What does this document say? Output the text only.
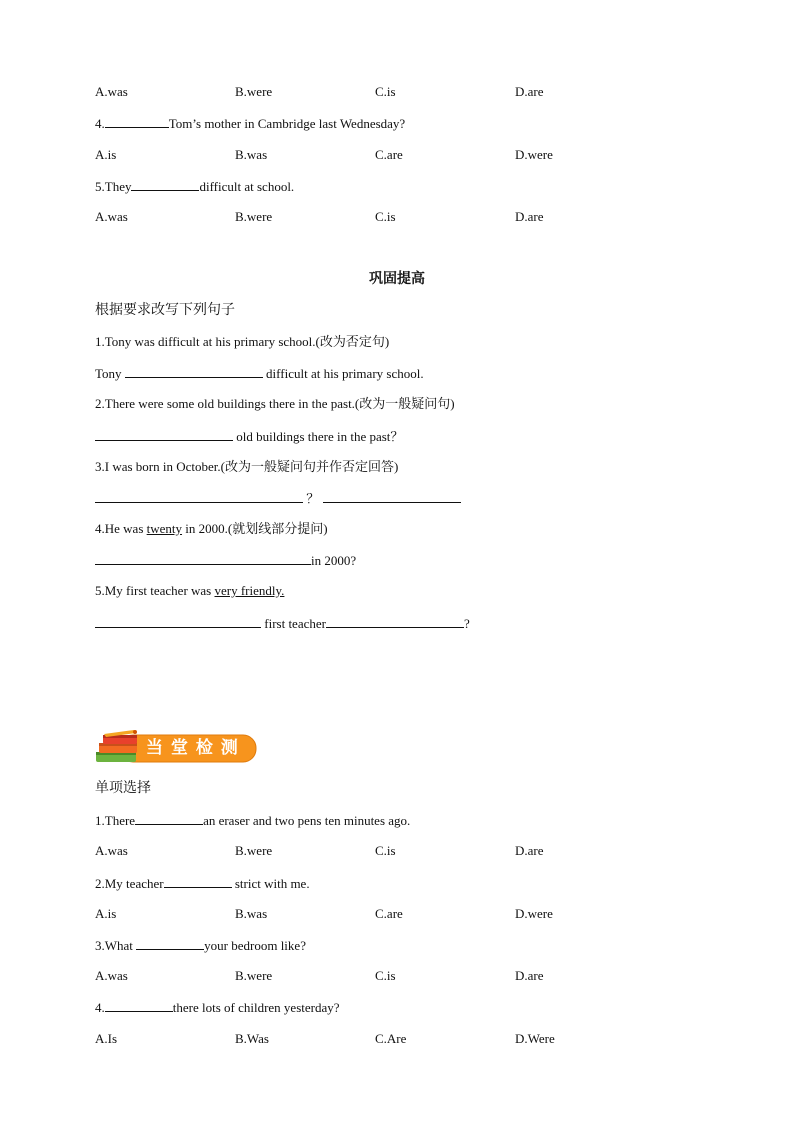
A.was	B.were	C.is	D.are
4.	Tom’s mother in Cambridge last Wednesday?
A.is	B.was	C.are	D.were
5.They	difficult at school.
A.was	B.were	C.is	D.are
巩固提高
根据要求改写下列句子
1.Tony was difficult at his primary school.(改为否定句)
Tony	difficult at his primary school.
2.There were some old buildings there in the past.(改为一般疑问句)
old buildings there in the past？
3.I was born in October.(改为一般疑问句并作否定回答)
？
4.He was twenty in 2000.(就划线部分提问)
in 2000?
5.My first teacher was very friendly.
first teacher	?
当 堂 检 测
单项选择
1.There	an eraser and two pens ten minutes ago.
A.was	B.were	C.is	D.are
2.My teacher	strict with me.
A.is	B.was	C.are	D.were
3.What	your bedroom like?
A.was	B.were	C.is	D.are
4.	there lots of children yesterday?
A.Is	B.Was	C.Are	D.Were
